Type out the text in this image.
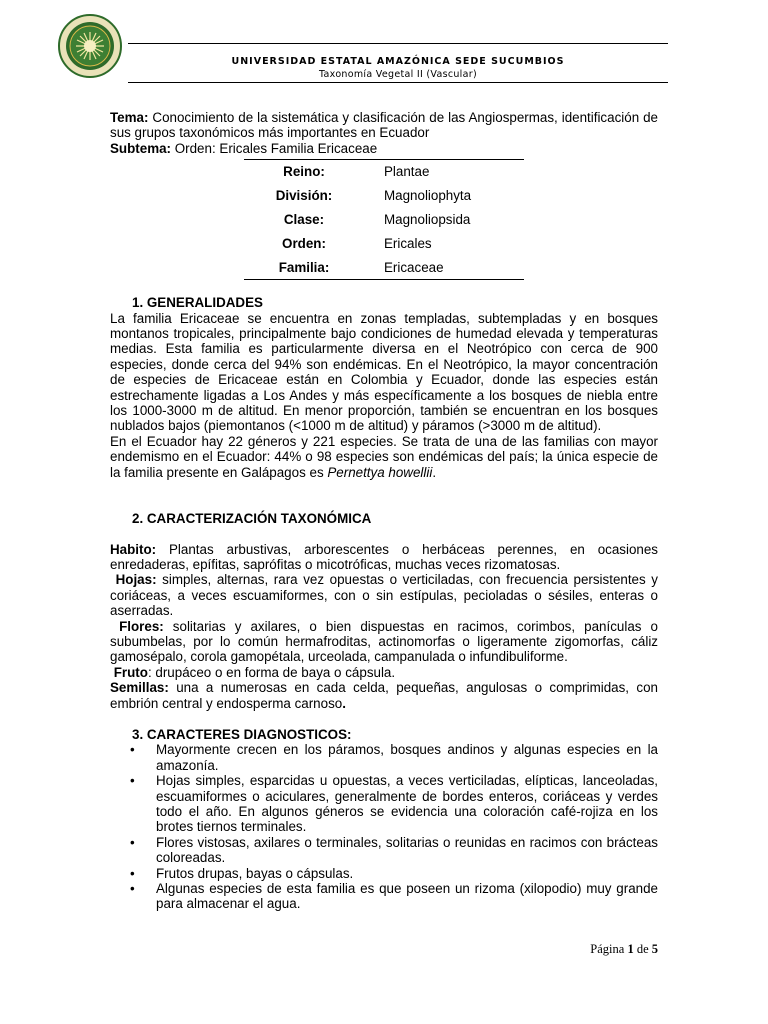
UNIVERSIDAD ESTATAL AMAZÓNICA SEDE SUCUMBIOS
Taxonomía Vegetal II (Vascular)

Tema: Conocimiento de la sistemática y clasificación de las Angiospermas, identificación de sus grupos taxonómicos más importantes en Ecuador

Subtema: Orden: Ericales Familia Ericaceae

Reino:	Plantae
División:	Magnoliophyta
Clase:	Magnoliopsida
Orden:	Ericales
Familia:	Ericaceae

1. GENERALIDADES

La familia Ericaceae se encuentra en zonas templadas, subtempladas y en bosques montanos tropicales, principalmente bajo condiciones de humedad elevada y temperaturas medias. Esta familia es particularmente diversa en el Neotrópico con cerca de 900 especies, donde cerca del 94% son endémicas. En el Neotrópico, la mayor concentración de especies de Ericaceae están en Colombia y Ecuador, donde las especies están estrechamente ligadas a Los Andes y más específicamente a los bosques de niebla entre los 1000-3000 m de altitud. En menor proporción, también se encuentran en los bosques nublados bajos (piemontanos (<1000 m de altitud) y páramos (>3000 m de altitud).

En el Ecuador hay 22 géneros y 221 especies. Se trata de una de las familias con mayor endemismo en el Ecuador: 44% o 98 especies son endémicas del país; la única especie de la familia presente en Galápagos es Pernettya howellii.

2. CARACTERIZACIÓN TAXONÓMICA

Habito: Plantas arbustivas, arborescentes o herbáceas perennes, en ocasiones enredaderas, epífitas, saprófitas o micotróficas, muchas veces rizomatosas.

Hojas: simples, alternas, rara vez opuestas o verticiladas, con frecuencia persistentes y coriáceas, a veces escuamiformes, con o sin estípulas, pecioladas o sésiles, enteras o aserradas.

Flores: solitarias y axilares, o bien dispuestas en racimos, corimbos, panículas o subumbelas, por lo común hermafroditas, actinomorfas o ligeramente zigomorfas, cáliz gamosépalo, corola gamopétala, urceolada, campanulada o infundibuliforme.

Fruto: drupáceo o en forma de baya o cápsula.

Semillas: una a numerosas en cada celda, pequeñas, angulosas o comprimidas, con embrión central y endosperma carnoso.

3. CARACTERES DIAGNOSTICOS:

• Mayormente crecen en los páramos, bosques andinos y algunas especies en la amazonía.
• Hojas simples, esparcidas u opuestas, a veces verticiladas, elípticas, lanceoladas, escuamiformes o aciculares, generalmente de bordes enteros, coriáceas y verdes todo el año. En algunos géneros se evidencia una coloración café-rojiza en los brotes tiernos terminales.
• Flores vistosas, axilares o terminales, solitarias o reunidas en racimos con brácteas coloreadas.
• Frutos drupas, bayas o cápsulas.
• Algunas especies de esta familia es que poseen un rizoma (xilopodio) muy grande para almacenar el agua.
Página 1 de 5
